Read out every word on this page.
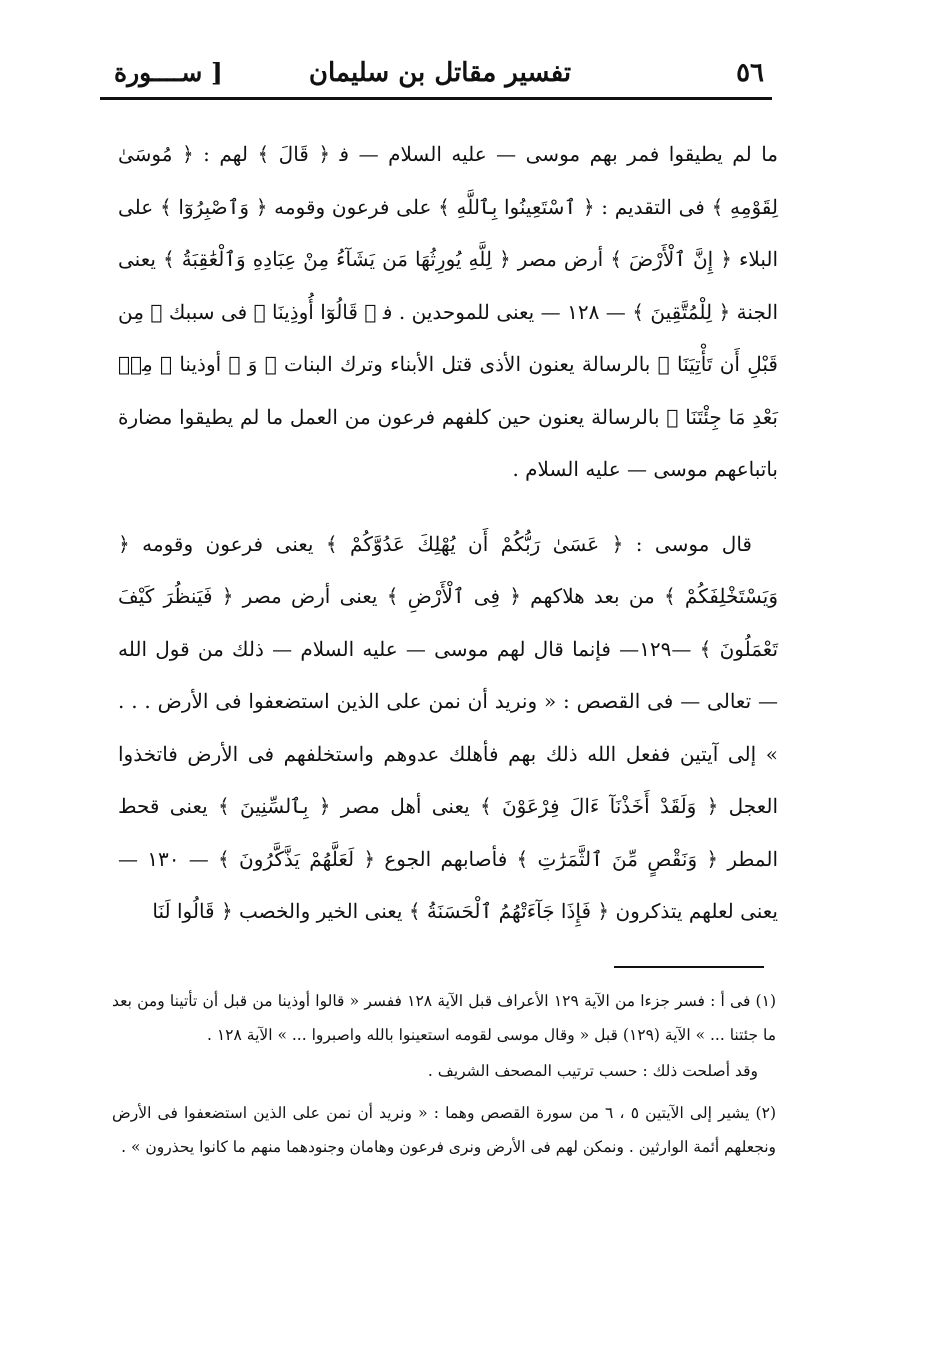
٥٦
تفسير مقاتل بن سليمان
[ ســــورة

ما لم يطيقوا فمر بهم موسى — عليه السلام — ف‍ ﴿ قَالَ ﴾ لهم : ﴿ مُوسَىٰ لِقَوْمِهِ ﴾ فى التقديم : ﴿ ٱسْتَعِينُوا بِٱللَّهِ ﴾ على فرعون وقومه ﴿ وَٱصْبِرُوٓا ﴾ على البلاء ﴿ إِنَّ ٱلْأَرْضَ ﴾ أرض مصر ﴿ لِلَّهِ يُورِثُهَا مَن يَشَآءُ مِنْ عِبَادِهِ وَٱلْعَٰقِبَةُ ﴾ يعنى الجنة ﴿ لِلْمُتَّقِينَ ﴾ — ١٢٨ — يعنى للموحدين . ف‍ ﴿ قَالُوٓا أُوذِينَا ﴾ فى سببك ﴿ مِن قَبْلِ أَن تَأْتِيَنَا ﴾ بالرسالة يعنون الأذى قتل الأبناء وترك البنات ﴿ وَ ﴾ أوذينا ﴿ مِنۢ بَعْدِ مَا جِئْتَنَا ﴾ بالرسالة يعنون حين كلفهم فرعون من العمل ما لم يطيقوا مضارة باتباعهم موسى — عليه السلام .

قال موسى : ﴿ عَسَىٰ رَبُّكُمْ أَن يُهْلِكَ عَدُوَّكُمْ ﴾ يعنى فرعون وقومه ﴿ وَيَسْتَخْلِفَكُمْ ﴾ من بعد هلاكهم ﴿ فِى ٱلْأَرْضِ ﴾ يعنى أرض مصر ﴿ فَيَنظُرَ كَيْفَ تَعْمَلُونَ ﴾ —١٢٩— فإنما قال لهم موسى — عليه السلام — ذلك من قول الله — تعالى — فى القصص : « ونريد أن نمن على الذين استضعفوا فى الأرض . . . » إلى آيتين ففعل الله ذلك بهم فأهلك عدوهم واستخلفهم فى الأرض فاتخذوا العجل ﴿ وَلَقَدْ أَخَذْنَآ ءَالَ فِرْعَوْنَ ﴾ يعنى أهل مصر ﴿ بِٱلسِّنِينَ ﴾ يعنى قحط المطر ﴿ وَنَقْصٍ مِّنَ ٱلثَّمَرَٰتِ ﴾ فأصابهم الجوع ﴿ لَعَلَّهُمْ يَذَّكَّرُونَ ﴾ — ١٣٠ — يعنى لعلهم يتذكرون ﴿ فَإِذَا جَآءَتْهُمُ ٱلْحَسَنَةُ ﴾ يعنى الخير والخصب ﴿ قَالُوا لَنَا

(١) فى أ : فسر جزءا من الآية ١٢٩ الأعراف قبل الآية ١٢٨ ففسر « قالوا أوذينا من قبل أن تأتينا ومن بعد ما جئتنا ... » الآية (١٢٩) قبل « وقال موسى لقومه استعينوا بالله واصبروا ... » الآية ١٢٨ .

وقد أصلحت ذلك : حسب ترتيب المصحف الشريف .

(٢) يشير إلى الآيتين ٥ ، ٦ من سورة القصص وهما : « ونريد أن نمن على الذين استضعفوا فى الأرض ونجعلهم أئمة الوارثين . ونمكن لهم فى الأرض ونرى فرعون وهامان وجنودهما منهم ما كانوا يحذرون » .
